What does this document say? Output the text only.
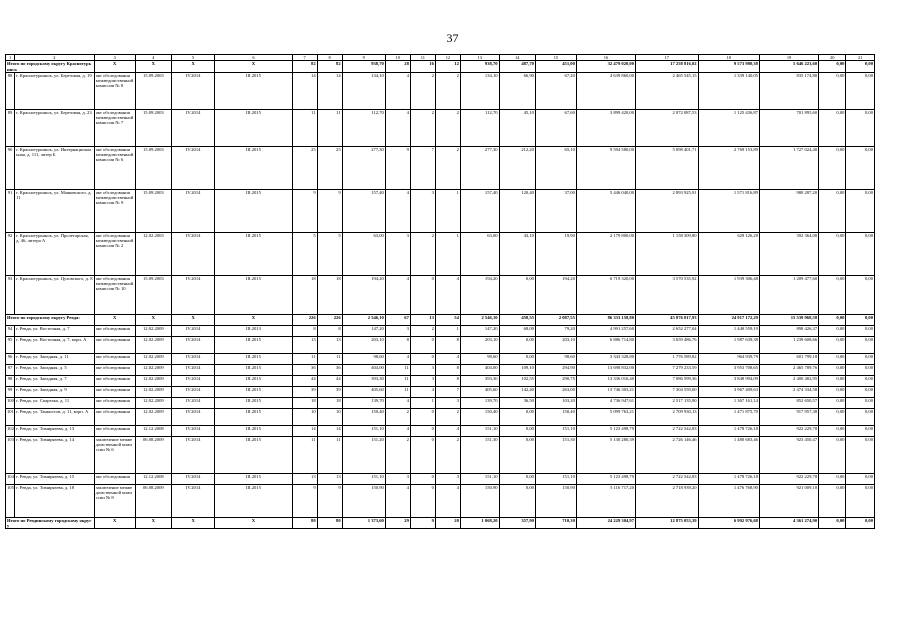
37
1	2	3	4	5	6	7	8	9	10	11	12	13	14	15	16	17	18	19	20	21
Итого по городскому округу Краснотурьинск		X	X	X	X	82	82	938,70	28	16	12	938,70	487,70	451,00	32 479 020,00	17 258 816,02	9 573 980,38	5 646 223,60	0,00	0,00
88	г. Краснотурьинск, ул. Березовая, д. 19	акт обследования межведомственной комиссии № 8	15.09.2003	IV.2014	III.2015	14	14	134,10	4	2	2	134,10	66,90	67,20	4 639 860,00	2 465 545,15	1 339 140,05	835 174,80	0,00	0,00
89	г. Краснотурьинск, ул. Березовая, д. 23	акт обследования межведомственной комиссии № 7	15.09.2003	IV.2014	III.2015	11	11	112,70	4	2	2	112,70	45,10	67,60	3 899 420,00	2 072 087,53	1 125 436,87	701 895,60	0,00	0,00
90	г. Краснотурьинск, ул. Интернациональная, д. 111, литер Б	акт обследования межведомственной комиссии № 6	15.09.2003	IV.2014	III.2015	25	25	277,30	9	7	2	277,30	212,20	65,10	9 594 580,00	5 098 401,71	2 769 153,89	1 727 024,40	0,00	0,00
91	г. Краснотурьинск, ул. Маяковского, д. 11	акт обследования межведомственной комиссии № 9	15.09.2003	IV.2014	III.2015	9	9	157,40	4	3	1	157,40	120,40	37,00	5 446 040,00	2 893 925,91	1 571 816,89	980 287,20	0,00	0,00
92	г. Краснотурьинск, ул. Пролетарская, д. 46, литера А	акт обследования межведомственной комиссии № 2	12.02.2003	IV.2014	III.2015	5	5	63,00	3	2	1	63,00	43,10	19,90	2 179 800,00	1 158 309,80	629 126,20	392 364,00	0,00	0,00
93	г. Краснотурьинск, ул. Цуховского, д. 8	акт обследования межведомственной комиссии № 10	15.09.2003	IV.2014	III.2015	18	18	194,20	4	0	4	194,20	0,00	194,20	6 719 320,00	3 570 535,92	1 939 306,48	1 209 477,60	0,00	0,00
Итого по городскому округу Ревда:		X	X	X	X	226	226	2 546,10	67	13	54	2 546,10	458,55	2 087,55	86 333 158,80	45 876 017,93	24 917 172,29	15 539 968,58	0,00	0,00
94	г. Ревда, ул. Восточная, д. 7	акт обследования	12.02.2009	IV.2014	III.2013	8	8	147,20	3	2	1	147,20	68,00	79,20	4 991 257,60	2 652 277,04	1 440 559,19	898 426,37	0,00	0,00
95	г. Ревда, ул. Восточная, д. 7, корп. А	акт обследования	12.02.2009	IV.2014	III.2015	13	13	203,10	8	0	8	203,10	0,00	203,10	6 886 714,80	3 659 486,76	1 987 639,38	1 239 608,66	0,00	0,00
96	г. Ревда, ул. Западная, д. 11	акт обследования	12.02.2009	IV.2014	III.2015	11	11	98,60	4	0	4	98,60	0,00	98,60	3 343 328,80	1 776 589,82	964 939,79	601 799,18	0,00	0,00
97	г. Ревда, ул. Западная, д. 5	акт обследования	12.02.2009	IV.2014	III.2015	36	36	404,00	11	3	8	404,00	109,10	294,90	13 698 832,00	7 279 233,59	3 953 708,65	2 465 789,76	0,00	0,00
98	г. Ревда, ул. Западная, д. 7	акт обследования	12.02.2009	IV.2014	III.2015	44	44	393,30	11	3	8	393,30	102,55	290,75	13 336 016,40	7 086 599,36	3 848 994,09	2 400 482,95	0,00	0,00
99	г. Ревда, ул. Западная, д. 9	акт обследования	12.02.2009	IV.2014	III.2015	39	39	405,60	11	4	7	405,60	142,40	263,00	13 746 303,21	7 304 559,00	3 967 409,63	2 474 334,58	0,00	0,00
100	г. Ревда, ул. Спартака, д. 11	акт обследования	12.02.2009	IV.2014	III.2015	18	18	139,70	4	1	3	139,70	36,50	103,20	4 736 947,61	2 517 135,90	1 367 161,14	852 650,57	0,00	0,00
101	г. Ревда, ул. Танкистов, д. 11, корп. А	акт обследования	12.02.2009	IV.2014	III.2015	10	10	150,40	2	0	2	150,40	0,00	150,40	5 099 763,21	2 709 930,13	1 471 875,70	917 957,38	0,00	0,00
102	г. Ревда, ул. Тимирязева, д. 13	акт обследования	12.12.2008	IV.2014	III.2015	14	14	151,10	4	0	4	151,10	0,00	151,10	5 123 498,79	2 722 542,83	1 478 726,18	922 229,78	0,00	0,00
103	г. Ревда, ул. Тимирязева, д. 14	заключение межведомственной комиссии № 6	06.08.2009	IV.2014	III.2015	11	11	151,20	2	0	2	151,30	0,00	151,30	5 130 280,39	2 726 146,46	1 480 683,46	923 450,47	0,00	0,00
104	г. Ревда, ул. Тимирязева, д. 15	акт обследования	12.12.2008	IV.2014	III.2015	13	13	151,10	3	0	3	151,10	0,00	151,10	5 123 498,79	2 722 542,83	1 478 726,18	922 229,78	0,00	0,00
105	г. Ревда, ул. Тимирязева, д. 18	заключение межведомственной комиссии № 8	06.08.2009	IV.2014	III.2015	9	9	150,90	4	0	4	150,90	0,00	150,90	5 116 717,20	2 718 939,20	1 476 768,90	921 009,10	0,00	0,00
Итого по Ревдинскому городскому округу		X	X	X	X	80	80	1 373,60	29	9	20	1 068,20	357,90	710,30	24 229 304,97	12 875 053,39	6 992 976,68	4 361 274,90	0,00	0,00
